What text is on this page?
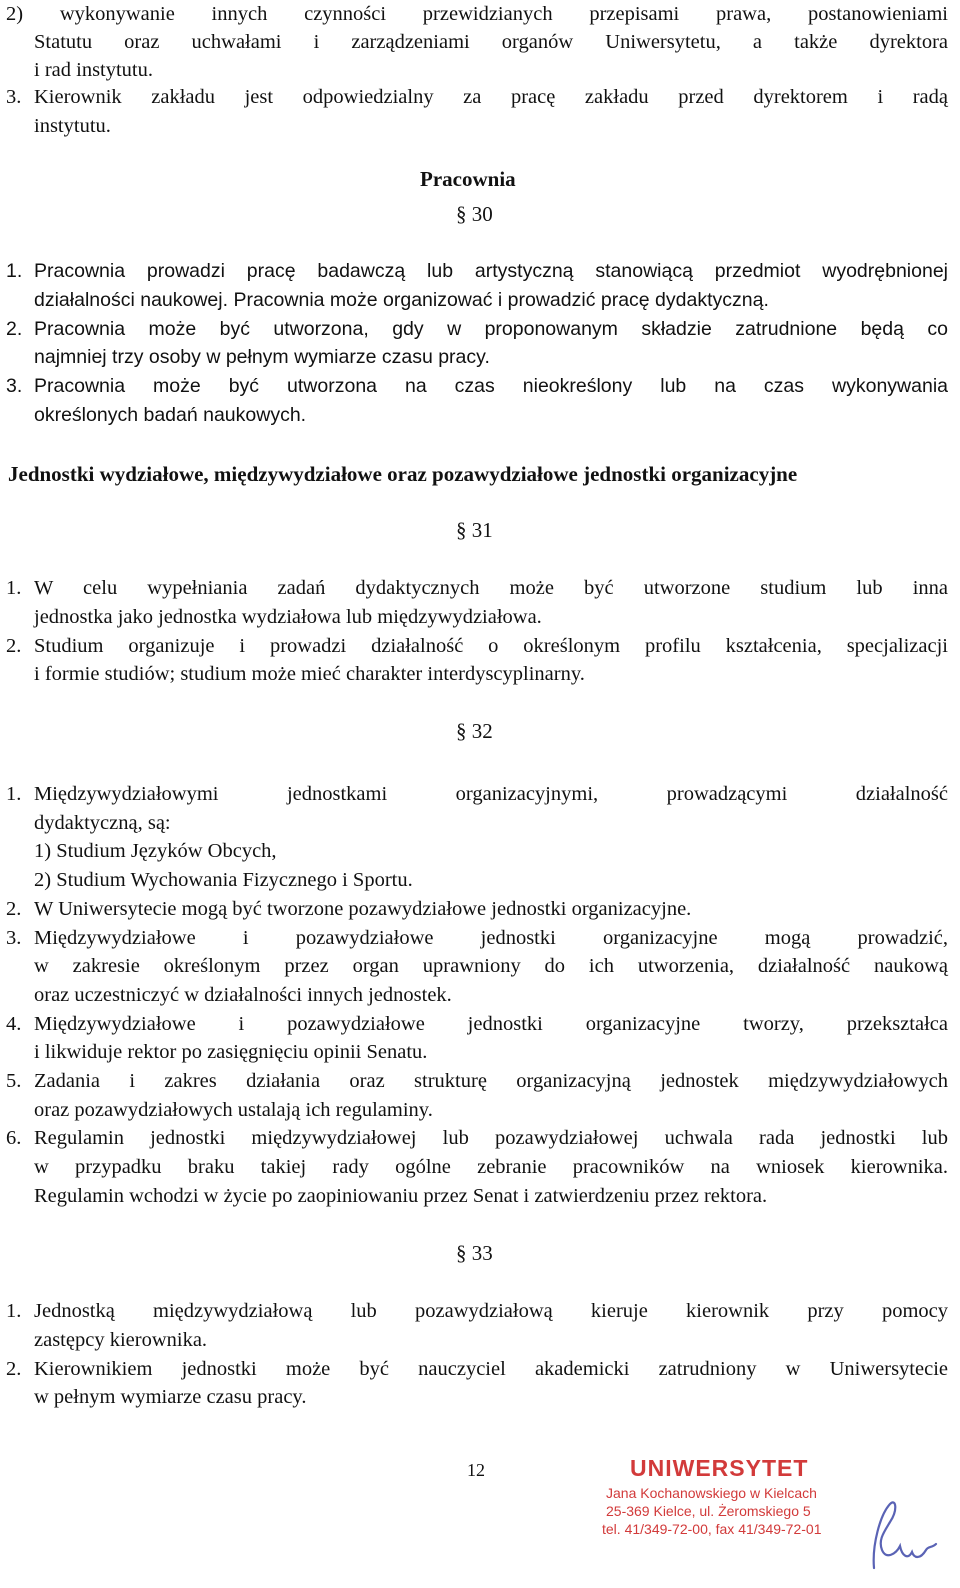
2) wykonywanie innych czynności przewidzianych przepisami prawa, postanowieniami
Statutu oraz uchwałami i zarządzeniami organów Uniwersytetu, a także dyrektora
i rad instytutu.
3. Kierownik zakładu jest odpowiedzialny za pracę zakładu przed dyrektorem i radą
instytutu.
Pracownia
§ 30
1. Pracownia prowadzi pracę badawczą lub artystyczną stanowiącą przedmiot wyodrębnionej
działalności naukowej. Pracownia może organizować i prowadzić pracę dydaktyczną.
2. Pracownia może być utworzona, gdy w proponowanym składzie zatrudnione będą co
najmniej trzy osoby w pełnym wymiarze czasu pracy.
3. Pracownia może być utworzona na czas nieokreślony lub na czas wykonywania
określonych badań naukowych.
Jednostki wydziałowe, międzywydziałowe oraz pozawydziałowe jednostki organizacyjne
§ 31
1. W celu wypełniania zadań dydaktycznych może być utworzone studium lub inna
jednostka jako jednostka wydziałowa lub międzywydziałowa.
2. Studium organizuje i prowadzi działalność o określonym profilu kształcenia, specjalizacji
i formie studiów; studium może mieć charakter interdyscyplinarny.
§ 32
1. Międzywydziałowymi jednostkami organizacyjnymi, prowadzącymi działalność
dydaktyczną, są:
1) Studium Języków Obcych,
2) Studium Wychowania Fizycznego i Sportu.
2. W Uniwersytecie mogą być tworzone pozawydziałowe jednostki organizacyjne.
3. Międzywydziałowe i pozawydziałowe jednostki organizacyjne mogą prowadzić,
w zakresie określonym przez organ uprawniony do ich utworzenia, działalność naukową
oraz uczestniczyć w działalności innych jednostek.
4. Międzywydziałowe i pozawydziałowe jednostki organizacyjne tworzy, przekształca
i likwiduje rektor po zasięgnięciu opinii Senatu.
5. Zadania i zakres działania oraz strukturę organizacyjną jednostek międzywydziałowych
oraz pozawydziałowych ustalają ich regulaminy.
6. Regulamin jednostki międzywydziałowej lub pozawydziałowej uchwala rada jednostki lub
w przypadku braku takiej rady ogólne zebranie pracowników na wniosek kierownika.
Regulamin wchodzi w życie po zaopiniowaniu przez Senat i zatwierdzeniu przez rektora.
§ 33
1. Jednostką międzywydziałową lub pozawydziałową kieruje kierownik przy pomocy
zastępcy kierownika.
2. Kierownikiem jednostki może być nauczyciel akademicki zatrudniony w Uniwersytecie
w pełnym wymiarze czasu pracy.
12	UNIWERSYTET
Jana Kochanowskiego w Kielcach
25-369 Kielce, ul. Żeromskiego 5
tel. 41/349-72-00, fax 41/349-72-01
